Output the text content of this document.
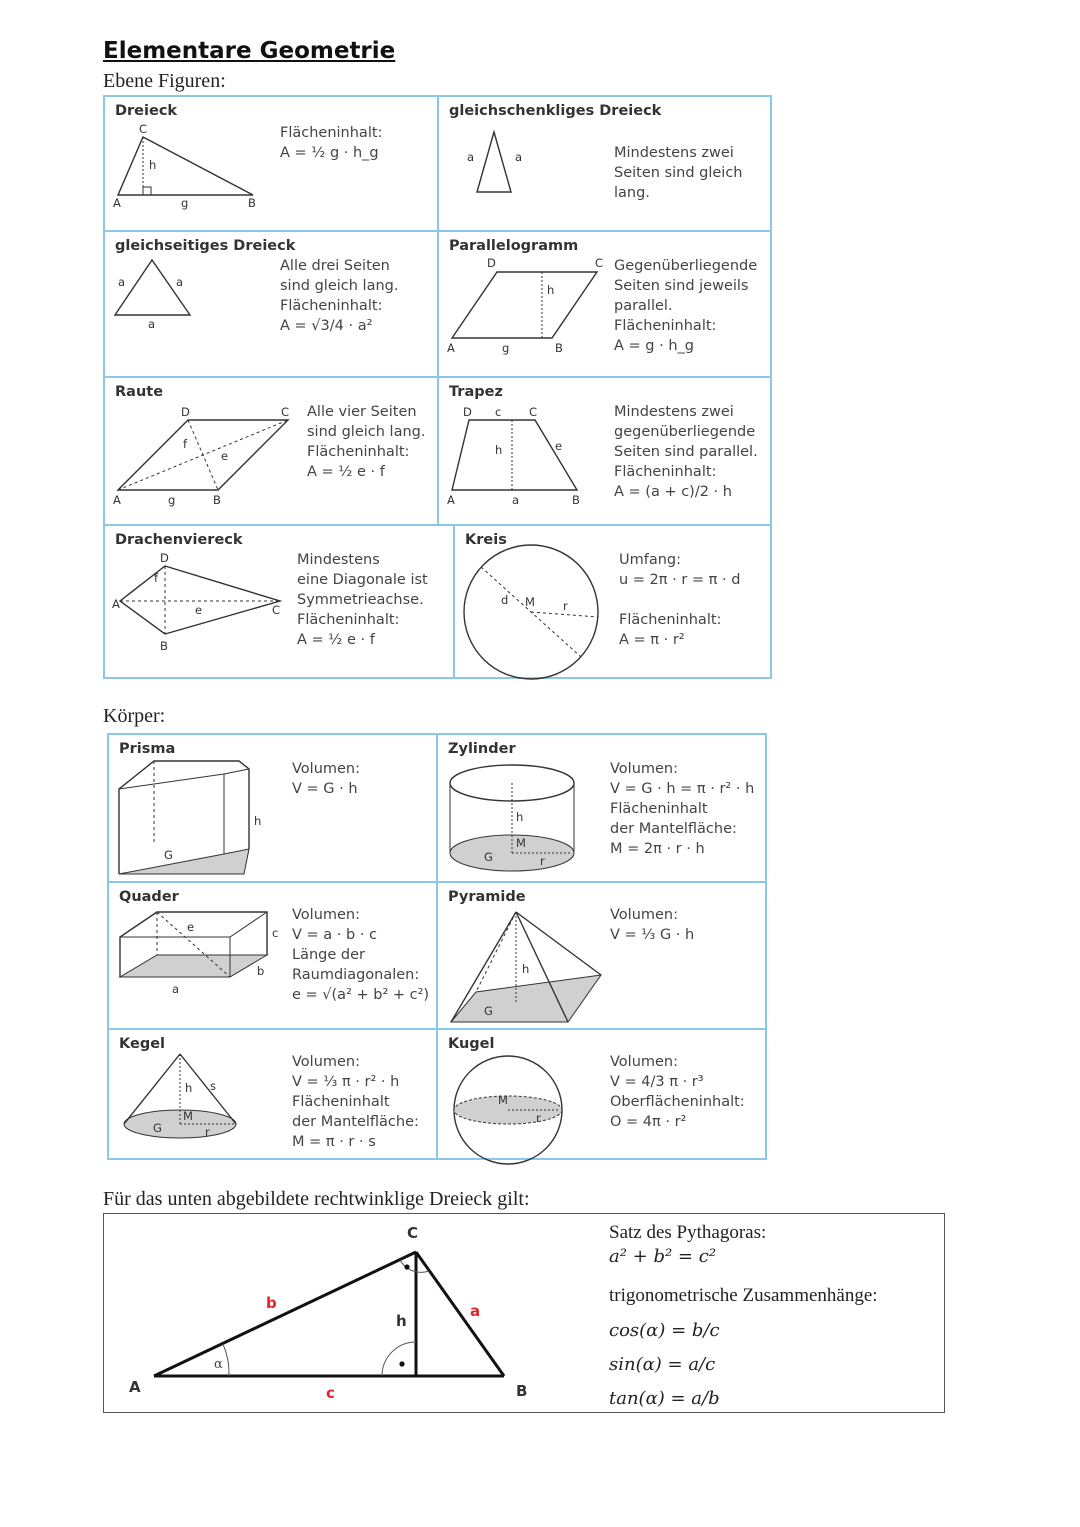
Elementare Geometrie
Ebene Figuren:
Dreieck
C
A	B
g
h
Flächeninhalt:
A = ½ g · h_g
gleichschenkliges Dreieck
a	a	Mindestens zwei
Seiten sind gleich
lang.
gleichseitiges Dreieck
a	a
a
Alle drei Seiten
sind gleich lang.
Flächeninhalt:
A = √3/4 · a²
Parallelogramm
D	C
A	B
g
h
Gegenüberliegende
Seiten sind jeweils
parallel.
Flächeninhalt:
A = g · h_g
Raute
D	C
A	B
g
f
e
Alle vier Seiten
sind gleich lang.
Flächeninhalt:
A = ½ e · f
Trapez
D c C
A	B
a
h	e
Mindestens zwei
gegenüberliegende
Seiten sind parallel.
Flächeninhalt:
A = (a + c)/2 · h
Drachenviereck
D
A	C
B
f
e
Mindestens
eine Diagonale ist
Symmetrieachse.
Flächeninhalt:
A = ½ e · f
Kreis
d M r
Umfang:
u = 2π · r = π · d

Flächeninhalt:
A = π · r²
Körper:
Prisma
G
h
Volumen:
V = G · h
Zylinder
h
M
G	r
Volumen:
V = G · h = π · r² · h
Flächeninhalt
der Mantelfläche:
M = 2π · r · h
Quader
e	c
b
a
Volumen:
V = a · b · c
Länge der
Raumdiagonalen:
e = √(a² + b² + c²)
Pyramide
h
G
Volumen:
V = ⅓ G · h
Kegel
h s
M
G	r
Volumen:
V = ⅓ π · r² · h
Flächeninhalt
der Mantelfläche:
M = π · r · s
Kugel
M
r
Volumen:
V = 4/3 π · r³
Oberflächeninhalt:
O = 4π · r²
Für das unten abgebildete rechtwinklige Dreieck gilt:
A	B
C
a
b
c
h
α
Satz des Pythagoras:
a² + b² = c²
trigonometrische Zusammenhänge:
cos(α) = b/c
sin(α) = a/c
tan(α) = a/b
